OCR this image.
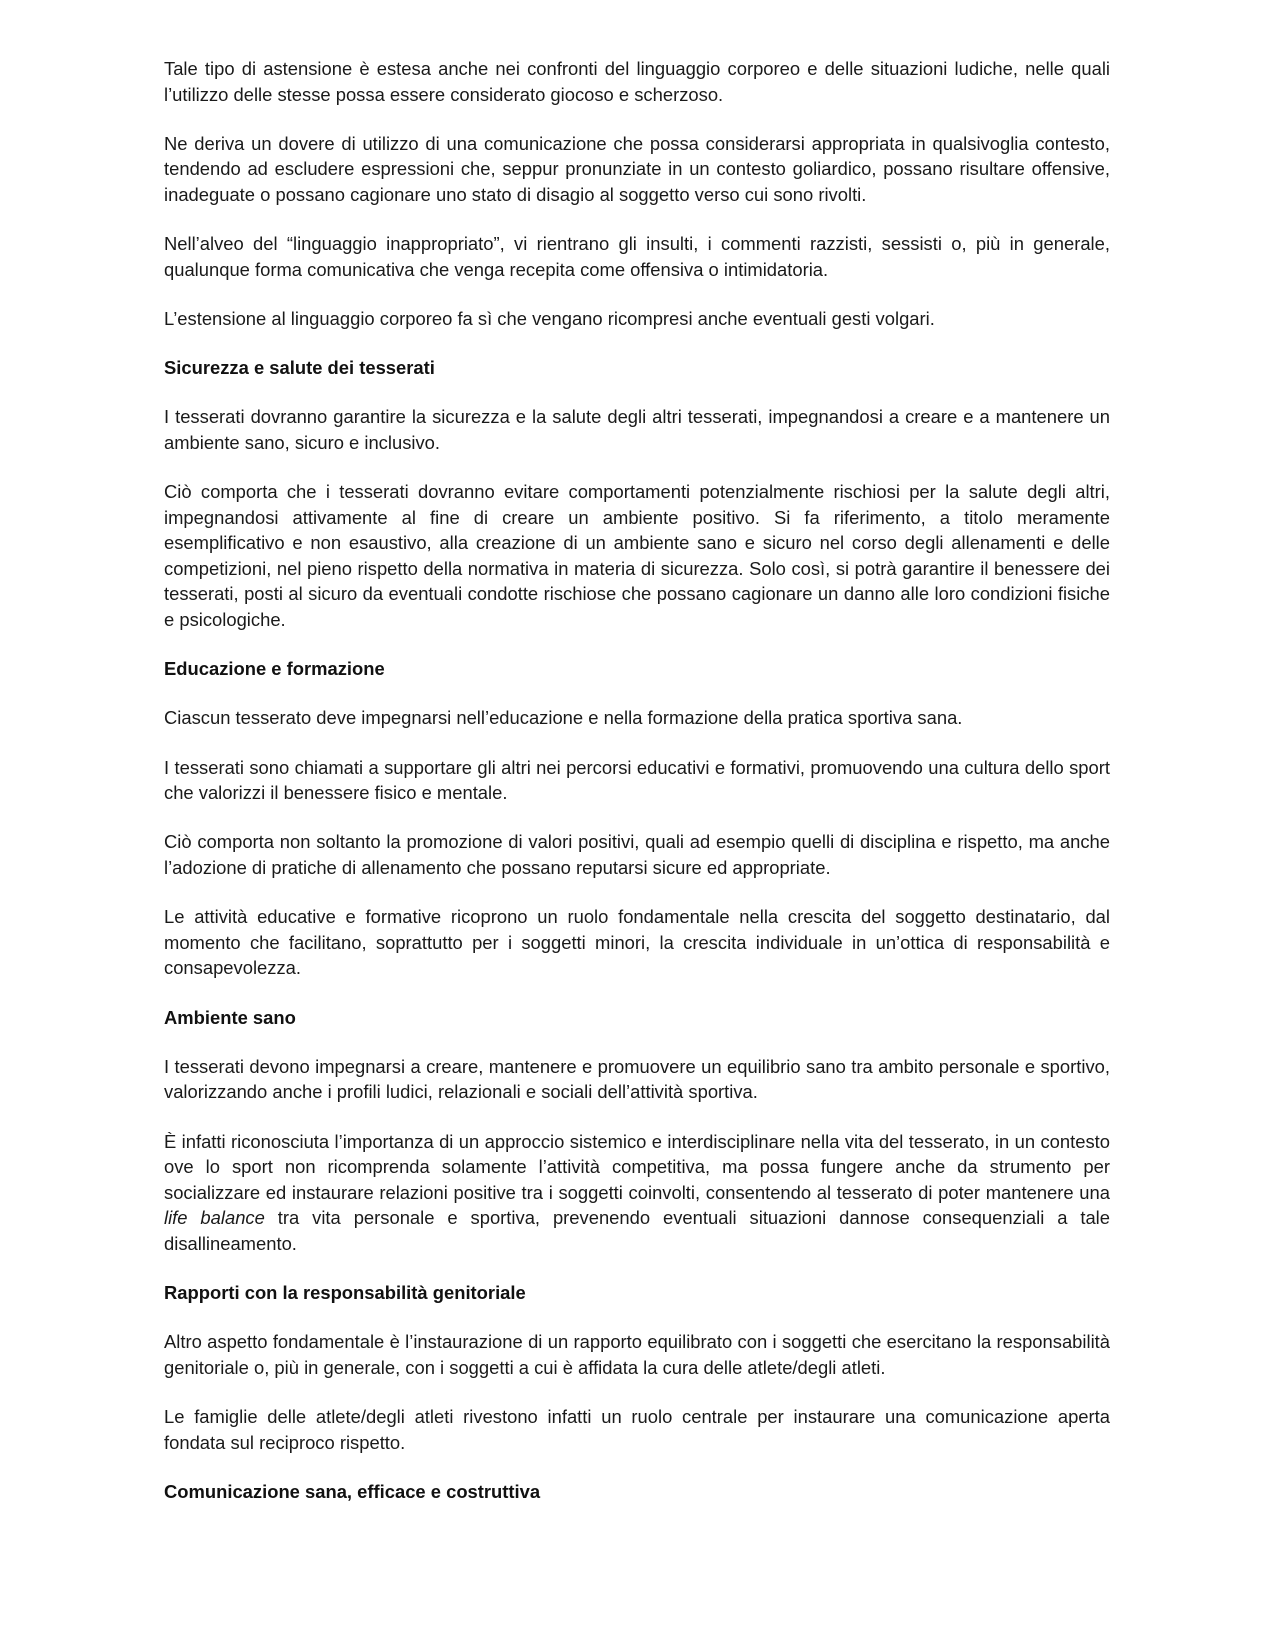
Tale tipo di astensione è estesa anche nei confronti del linguaggio corporeo e delle situazioni ludiche, nelle quali l’utilizzo delle stesse possa essere considerato giocoso e scherzoso.

Ne deriva un dovere di utilizzo di una comunicazione che possa considerarsi appropriata in qualsivoglia contesto, tendendo ad escludere espressioni che, seppur pronunziate in un contesto goliardico, possano risultare offensive, inadeguate o possano cagionare uno stato di disagio al soggetto verso cui sono rivolti.

Nell’alveo del “linguaggio inappropriato”, vi rientrano gli insulti, i commenti razzisti, sessisti o, più in generale, qualunque forma comunicativa che venga recepita come offensiva o intimidatoria.

L’estensione al linguaggio corporeo fa sì che vengano ricompresi anche eventuali gesti volgari.

Sicurezza e salute dei tesserati

I tesserati dovranno garantire la sicurezza e la salute degli altri tesserati, impegnandosi a creare e a mantenere un ambiente sano, sicuro e inclusivo.

Ciò comporta che i tesserati dovranno evitare comportamenti potenzialmente rischiosi per la salute degli altri, impegnandosi attivamente al fine di creare un ambiente positivo. Si fa riferimento, a titolo meramente esemplificativo e non esaustivo, alla creazione di un ambiente sano e sicuro nel corso degli allenamenti e delle competizioni, nel pieno rispetto della normativa in materia di sicurezza. Solo così, si potrà garantire il benessere dei tesserati, posti al sicuro da eventuali condotte rischiose che possano cagionare un danno alle loro condizioni fisiche e psicologiche.

Educazione e formazione

Ciascun tesserato deve impegnarsi nell’educazione e nella formazione della pratica sportiva sana.

I tesserati sono chiamati a supportare gli altri nei percorsi educativi e formativi, promuovendo una cultura dello sport che valorizzi il benessere fisico e mentale.

Ciò comporta non soltanto la promozione di valori positivi, quali ad esempio quelli di disciplina e rispetto, ma anche l’adozione di pratiche di allenamento che possano reputarsi sicure ed appropriate.

Le attività educative e formative ricoprono un ruolo fondamentale nella crescita del soggetto destinatario, dal momento che facilitano, soprattutto per i soggetti minori, la crescita individuale in un’ottica di responsabilità e consapevolezza.

Ambiente sano

I tesserati devono impegnarsi a creare, mantenere e promuovere un equilibrio sano tra ambito personale e sportivo, valorizzando anche i profili ludici, relazionali e sociali dell’attività sportiva.

È infatti riconosciuta l’importanza di un approccio sistemico e interdisciplinare nella vita del tesserato, in un contesto ove lo sport non ricomprenda solamente l’attività competitiva, ma possa fungere anche da strumento per socializzare ed instaurare relazioni positive tra i soggetti coinvolti, consentendo al tesserato di poter mantenere una life balance tra vita personale e sportiva, prevenendo eventuali situazioni dannose consequenziali a tale disallineamento.

Rapporti con la responsabilità genitoriale

Altro aspetto fondamentale è l’instaurazione di un rapporto equilibrato con i soggetti che esercitano la responsabilità genitoriale o, più in generale, con i soggetti a cui è affidata la cura delle atlete/degli atleti.

Le famiglie delle atlete/degli atleti rivestono infatti un ruolo centrale per instaurare una comunicazione aperta fondata sul reciproco rispetto.

Comunicazione sana, efficace e costruttiva
